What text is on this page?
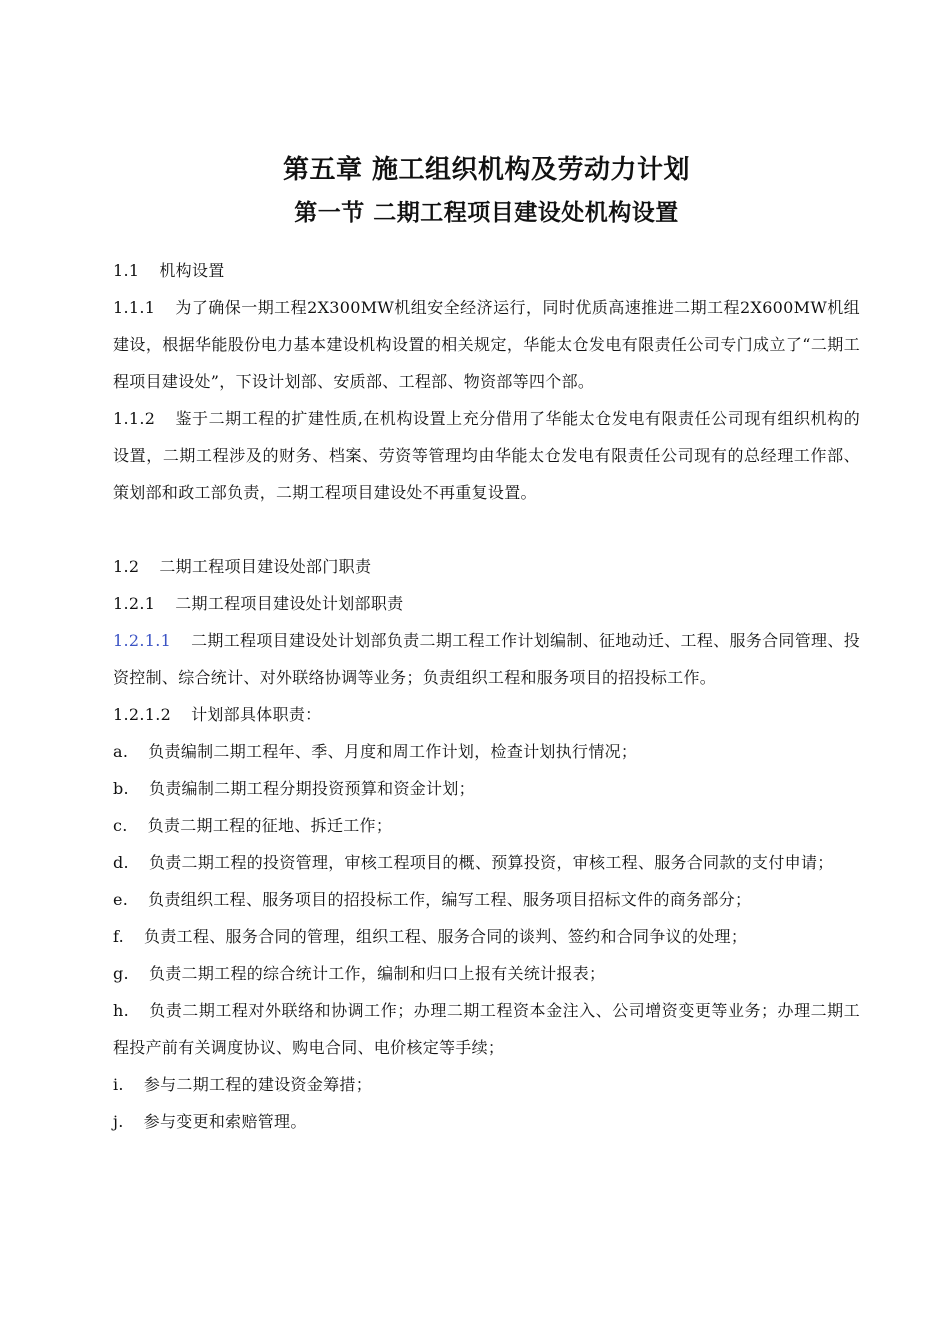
第五章 施工组织机构及劳动力计划
第一节 二期工程项目建设处机构设置

1.1 机构设置

1.1.1 为了确保一期工程2X300MW机组安全经济运行，同时优质高速推进二期工程2X600MW机组建设，根据华能股份电力基本建设机构设置的相关规定，华能太仓发电有限责任公司专门成立了“二期工程项目建设处”，下设计划部、安质部、工程部、物资部等四个部。

1.1.2 鉴于二期工程的扩建性质,在机构设置上充分借用了华能太仓发电有限责任公司现有组织机构的设置，二期工程涉及的财务、档案、劳资等管理均由华能太仓发电有限责任公司现有的总经理工作部、策划部和政工部负责，二期工程项目建设处不再重复设置。

1.2 二期工程项目建设处部门职责

1.2.1 二期工程项目建设处计划部职责

1.2.1.1 二期工程项目建设处计划部负责二期工程工作计划编制、征地动迁、工程、服务合同管理、投资控制、综合统计、对外联络协调等业务；负责组织工程和服务项目的招投标工作。

1.2.1.2 计划部具体职责：

a. 负责编制二期工程年、季、月度和周工作计划，检查计划执行情况；

b. 负责编制二期工程分期投资预算和资金计划；

c. 负责二期工程的征地、拆迁工作；

d. 负责二期工程的投资管理，审核工程项目的概、预算投资，审核工程、服务合同款的支付申请；

e. 负责组织工程、服务项目的招投标工作，编写工程、服务项目招标文件的商务部分；

f. 负责工程、服务合同的管理，组织工程、服务合同的谈判、签约和合同争议的处理；

g. 负责二期工程的综合统计工作，编制和归口上报有关统计报表；

h. 负责二期工程对外联络和协调工作；办理二期工程资本金注入、公司增资变更等业务；办理二期工程投产前有关调度协议、购电合同、电价核定等手续；

i. 参与二期工程的建设资金筹措；

j. 参与变更和索赔管理。
